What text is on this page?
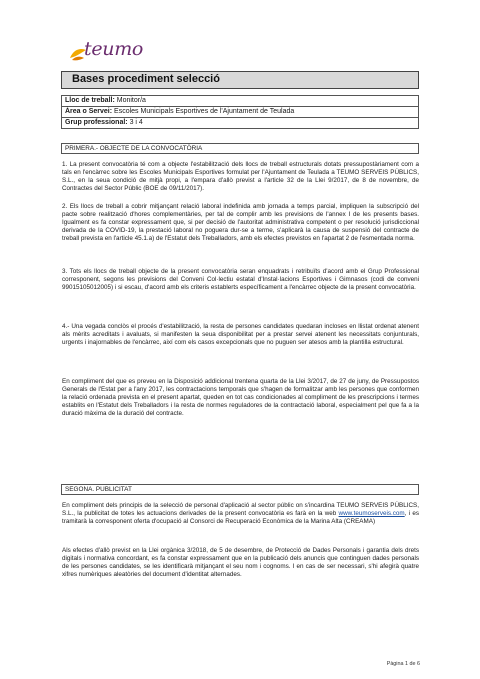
teumo
Bases procediment selecció
Lloc de treball: Monitor/a
Àrea o Servei: Escoles Municipals Esportives de l'Ajuntament de Teulada
Grup professional: 3 i 4
PRIMERA.- OBJECTE DE LA CONVOCATÒRIA

1. La present convocatòria té com a objecte l'estabilització dels llocs de treball estructurals dotats pressupostàriament com a tals en l'encàrrec sobre les Escoles Municipals Esportives formulat per l'Ajuntament de Teulada a TEUMO SERVEIS PÚBLICS, S.L., en la seua condició de mitjà propi, a l'empara d'allò previst a l'article 32 de la Llei 9/2017, de 8 de novembre, de Contractes del Sector Públic (BOE de 09/11/2017).

2. Els llocs de treball a cobrir mitjançant relació laboral indefinida amb jornada a temps parcial, impliquen la subscripció del pacte sobre realització d'hores complementàries, per tal de complir amb les previsions de l'annex I de les presents bases. Igualment es fa constar expressament que, si per decisió de l'autoritat administrativa competent o per resolució jurisdiccional derivada de la COVID-19, la prestació laboral no poguera dur-se a terme, s'aplicarà la causa de suspensió del contracte de treball prevista en l'article 45.1.a) de l'Estatut dels Treballadors, amb els efectes previstos en l'apartat 2 de l'esmentada norma.

3. Tots els llocs de treball objecte de la present convocatòria seran enquadrats i retribuïts d'acord amb el Grup Professional corresponent, segons les previsions del Conveni Col·lectiu estatal d'Instal·lacions Esportives i Gimnasos (codi de conveni 99015105012005) i si escau, d'acord amb els criteris establerts específicament a l'encàrrec objecte de la present convocatòria.

4.- Una vegada conclòs el procés d'estabilització, la resta de persones candidates quedaran incloses en llistat ordenat atenent als mèrits acreditats i avaluats, si manifesten la seua disponibilitat per a prestar servei atenent les necessitats conjunturals, urgents i inajornables de l'encàrrec, així com els casos excepcionals que no puguen ser atesos amb la plantilla estructural.

En compliment del que es preveu en la Disposició addicional trentena quarta de la Llei 3/2017, de 27 de juny, de Pressupostos Generals de l'Estat per a l'any 2017, les contractacions temporals que s'hagen de formalitzar amb les persones que conformen la relació ordenada prevista en el present apartat, queden en tot cas condicionades al compliment de les prescripcions i termes establits en l'Estatut dels Treballadors i la resta de normes reguladores de la contractació laboral, especialment pel que fa a la duració màxima de la duració del contracte.

SEGONA. PUBLICITAT

En compliment dels principis de la selecció de personal d'aplicació al sector públic on s'incardina TEUMO SERVEIS PÚBLICS, S.L., la publicitat de totes les actuacions derivades de la present convocatòria es farà en la web www.teumoserveis.com, i es tramitarà la corresponent oferta d'ocupació al Consorci de Recuperació Econòmica de la Marina Alta (CREAMA)

Als efectes d'allò previst en la Llei orgànica 3/2018, de 5 de desembre, de Protecció de Dades Personals i garantia dels drets digitals i normativa concordant, es fa constar expressament que en la publicació dels anuncis que continguen dades personals de les persones candidates, se les identificarà mitjançant el seu nom i cognoms. I en cas de ser necessari, s'hi afegirà quatre xifres numèriques aleatòries del document d'identitat alternades.

Pàgina 1 de 6
